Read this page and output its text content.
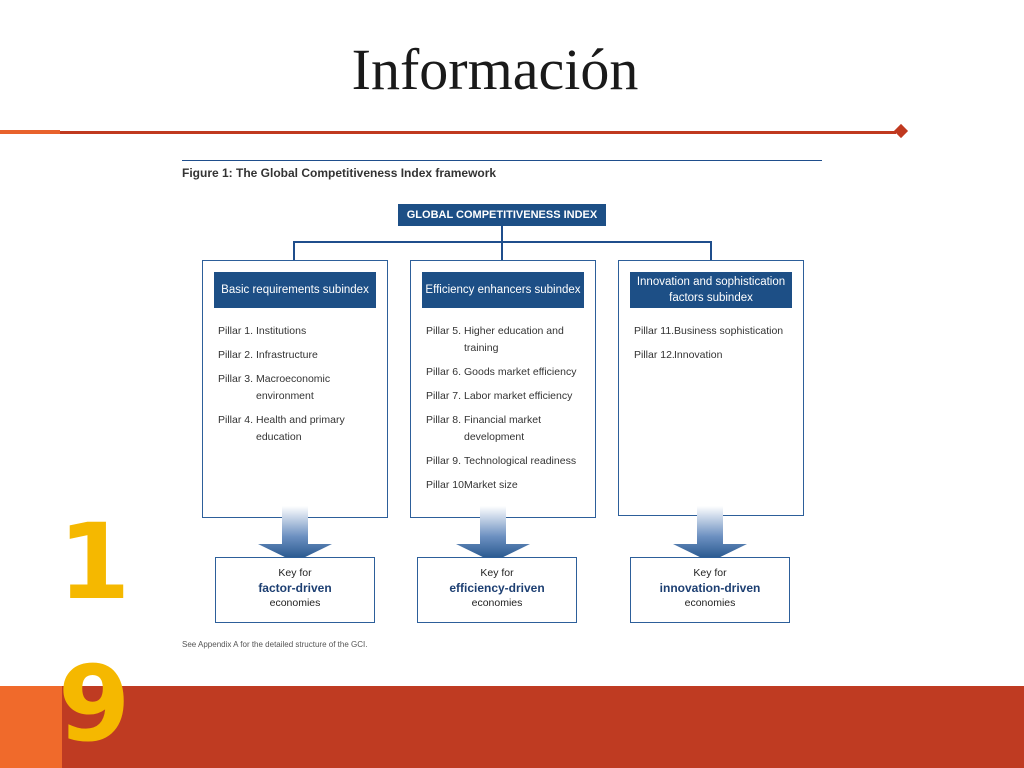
Información
Figure 1: The Global Competitiveness Index framework
GLOBAL COMPETITIVENESS INDEX
Basic requirements subindex
Pillar 1. Institutions
Pillar 2. Infrastructure
Pillar 3. Macroeconomic environment
Pillar 4. Health and primary education
Efficiency enhancers subindex
Pillar 5. Higher education and training
Pillar 6. Goods market efficiency
Pillar 7. Labor market efficiency
Pillar 8. Financial market development
Pillar 9. Technological readiness
Pillar 10.
Market size
Innovation and sophistication factors subindex
Pillar 11. Business sophistication
Pillar 12. Innovation
Key for
factor-driven
economies
Key for
efficiency-driven
economies
Key for
innovation-driven
economies
See Appendix A for the detailed structure of the GCI.
1
9
